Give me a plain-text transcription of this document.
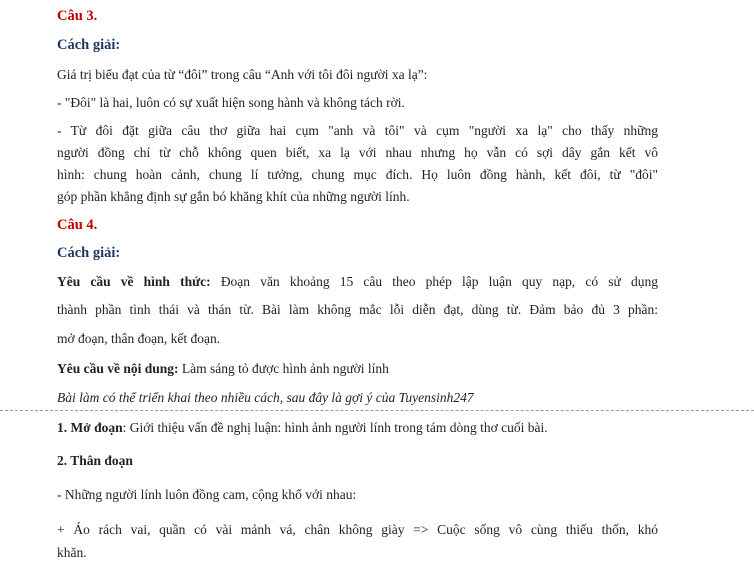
Câu 3.
Cách giải:
Giá trị biểu đạt của từ “đôi” trong câu “Anh với tôi đôi người xa lạ”:
- "Đôi" là hai, luôn có sự xuất hiện song hành và không tách rời.
- Từ đôi đặt giữa câu thơ giữa hai cụm "anh và tôi" và cụm "người xa lạ" cho thấy những
người đồng chí từ chỗ không quen biết, xa lạ với nhau nhưng họ vẫn có sợi dây gắn kết vô
hình: chung hoàn cảnh, chung lí tưởng, chung mục đích. Họ luôn đồng hành, kết đôi, từ "đôi"
góp phần khẳng định sự gắn bó khăng khít của những người lính.
Câu 4.
Cách giải:
Yêu cầu về hình thức: Đoạn văn khoảng 15 câu theo phép lập luận quy nạp, có sử dụng
thành phần tình thái và thán từ. Bài làm không mắc lỗi diễn đạt, dùng từ. Đảm bảo đủ 3 phần:
mở đoạn, thân đoạn, kết đoạn.
Yêu cầu về nội dung: Làm sáng tỏ được hình ảnh người lính
Bài làm có thể triển khai theo nhiều cách, sau đây là gợi ý của Tuyensinh247
1. Mở đoạn: Giới thiệu vấn đề nghị luận: hình ảnh người lính trong tám dòng thơ cuối bài.
2. Thân đoạn
- Những người lính luôn đồng cam, cộng khổ với nhau:
+ Áo rách vai, quần có vài mảnh vá, chân không giày => Cuộc sống vô cùng thiếu thốn, khó
khăn.
